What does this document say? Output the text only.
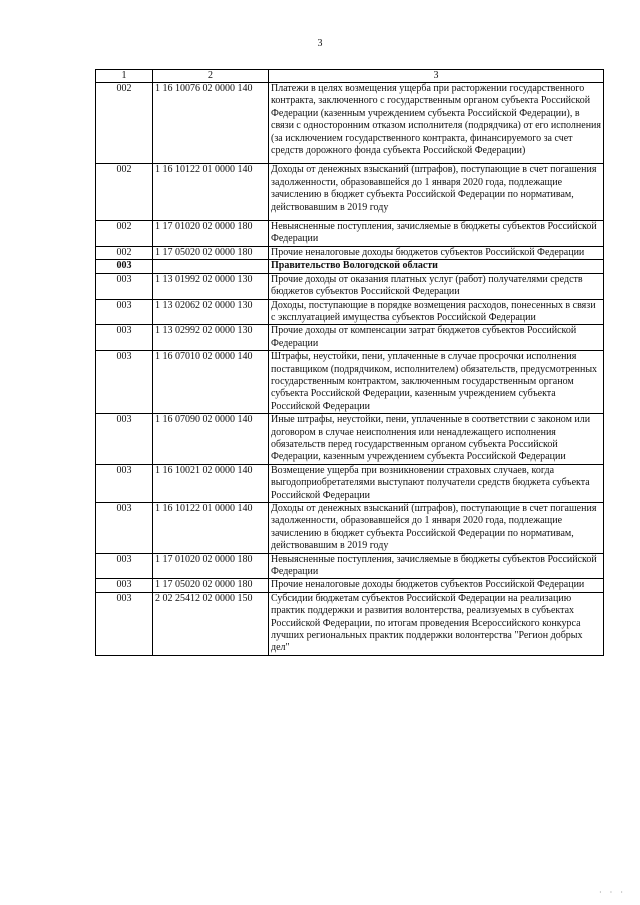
3
1	2	3
002	1 16 10076 02 0000 140	Платежи в целях возмещения ущерба при расторжении государственного контракта, заключенного с государственным органом субъекта Российской Федерации (казенным учреждением субъекта Российской Федерации), в связи с односторонним отказом исполнителя (подрядчика) от его исполнения (за исключением государственного контракта, финансируемого за счет средств дорожного фонда субъекта Российской Федерации)
002	1 16 10122 01 0000 140	Доходы от денежных взысканий (штрафов), поступающие в счет погашения задолженности, образовавшейся до 1 января 2020 года, подлежащие зачислению в бюджет субъекта Российской Федерации по нормативам, действовавшим в 2019 году
002	1 17 01020 02 0000 180	Невыясненные поступления, зачисляемые в бюджеты субъектов Российской Федерации
002	1 17 05020 02 0000 180	Прочие неналоговые доходы бюджетов субъектов Российской Федерации
003		Правительство Вологодской области
003	1 13 01992 02 0000 130	Прочие доходы от оказания платных услуг (работ) получателями средств бюджетов субъектов Российской Федерации
003	1 13 02062 02 0000 130	Доходы, поступающие в порядке возмещения расходов, понесенных в связи с эксплуатацией имущества субъектов Российской Федерации
003	1 13 02992 02 0000 130	Прочие доходы от компенсации затрат бюджетов субъектов Российской Федерации
003	1 16 07010 02 0000 140	Штрафы, неустойки, пени, уплаченные в случае просрочки исполнения поставщиком (подрядчиком, исполнителем) обязательств, предусмотренных государственным контрактом, заключенным государственным органом субъекта Российской Федерации, казенным учреждением субъекта Российской Федерации
003	1 16 07090 02 0000 140	Иные штрафы, неустойки, пени, уплаченные в соответствии с законом или договором в случае неисполнения или ненадлежащего исполнения обязательств перед государственным органом субъекта Российской Федерации, казенным учреждением субъекта Российской Федерации
003	1 16 10021 02 0000 140	Возмещение ущерба при возникновении страховых случаев, когда выгодоприобретателями выступают получатели средств бюджета субъекта Российской Федерации
003	1 16 10122 01 0000 140	Доходы от денежных взысканий (штрафов), поступающие в счет погашения задолженности, образовавшейся до 1 января 2020 года, подлежащие зачислению в бюджет субъекта Российской Федерации по нормативам, действовавшим в 2019 году
003	1 17 01020 02 0000 180	Невыясненные поступления, зачисляемые в бюджеты субъектов Российской Федерации
003	1 17 05020 02 0000 180	Прочие неналоговые доходы бюджетов субъектов Российской Федерации
003	2 02 25412 02 0000 150	Субсидии бюджетам субъектов Российской Федерации на реализацию практик поддержки и развития волонтерства, реализуемых в субъектах Российской Федерации, по итогам проведения Всероссийского конкурса лучших региональных практик поддержки волонтерства "Регион добрых дел"
· · ·
